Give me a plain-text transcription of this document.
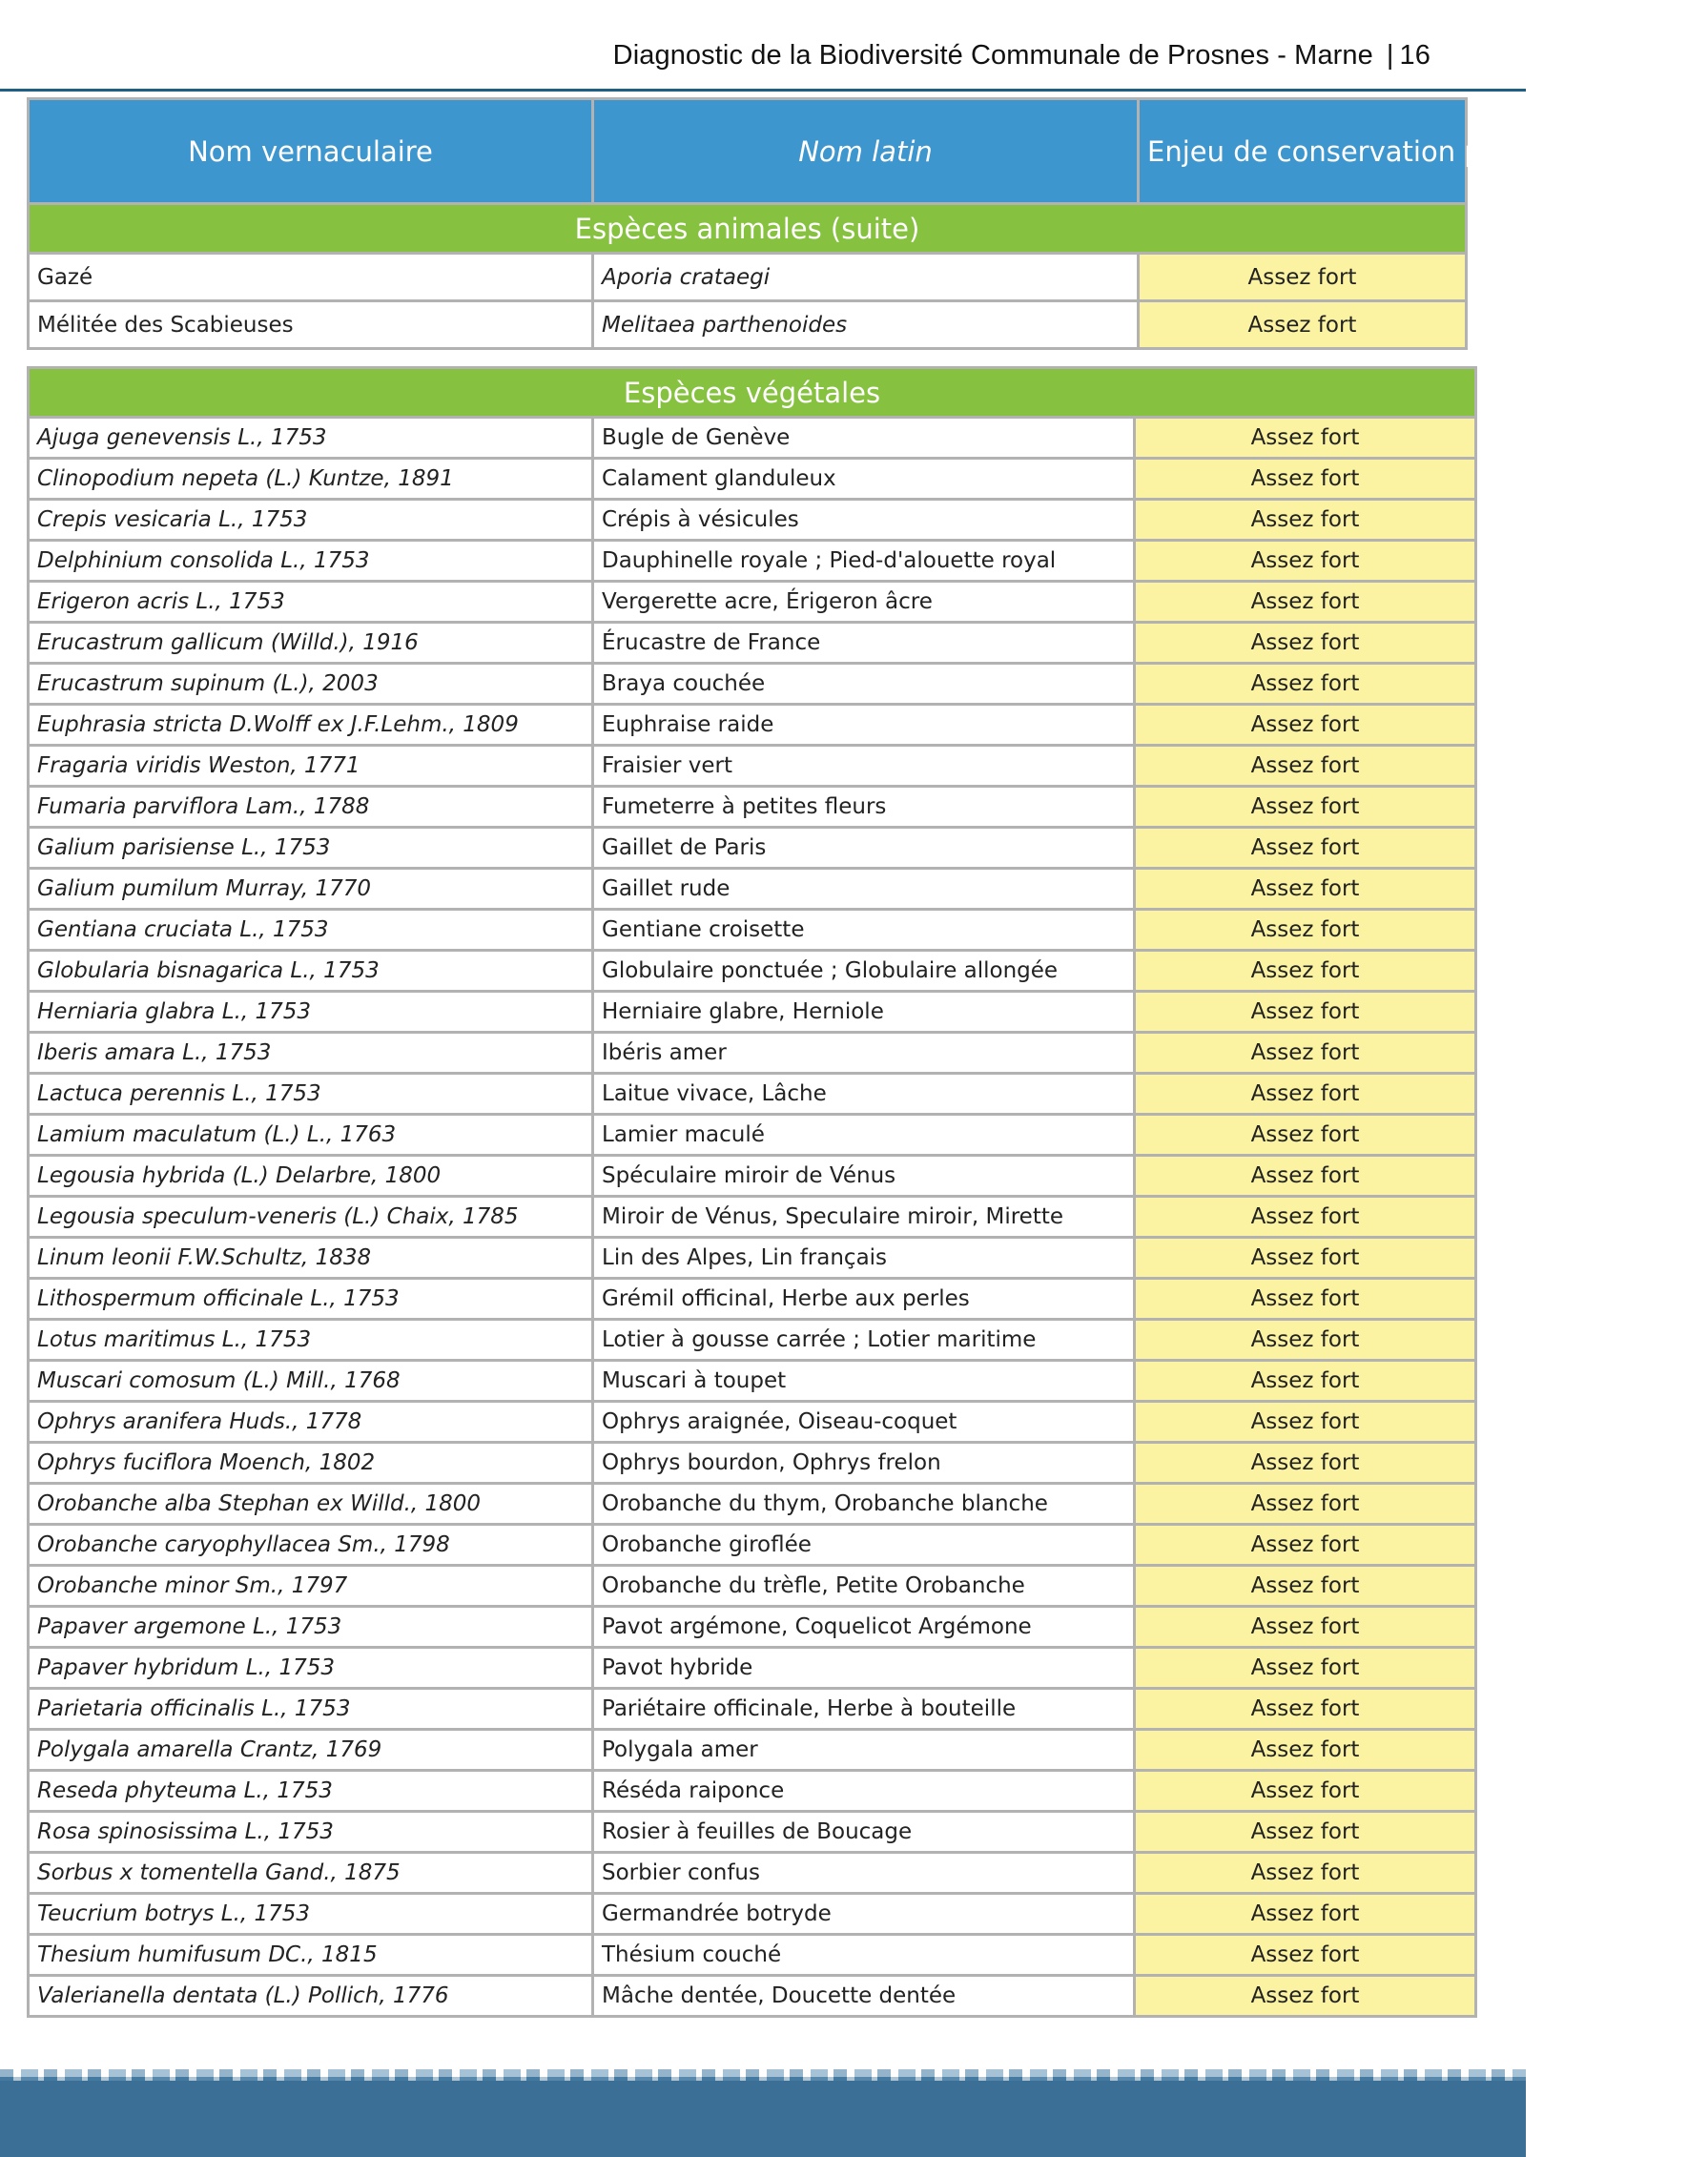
Diagnostic de la Biodiversité Communale de Prosnes - Marne | 16
Nom vernaculaire	Nom latin	Enjeu de conservation pour la commune
Espèces animales (suite)		
Gazé	Aporia crataegi	Assez fort
Mélitée des Scabieuses	Melitaea parthenoides	Assez fort
Espèces végétales		
Ajuga genevensis L., 1753	Bugle de Genève	Assez fort
Clinopodium nepeta (L.) Kuntze, 1891	Calament glanduleux	Assez fort
Crepis vesicaria L., 1753	Crépis à vésicules	Assez fort
Delphinium consolida L., 1753	Dauphinelle royale ; Pied-d'alouette royal	Assez fort
Erigeron acris L., 1753	Vergerette acre, Érigeron âcre	Assez fort
Erucastrum gallicum (Willd.), 1916	Érucastre de France	Assez fort
Erucastrum supinum (L.), 2003	Braya couchée	Assez fort
Euphrasia stricta D.Wolff ex J.F.Lehm., 1809	Euphraise raide	Assez fort
Fragaria viridis Weston, 1771	Fraisier vert	Assez fort
Fumaria parviflora Lam., 1788	Fumeterre à petites fleurs	Assez fort
Galium parisiense L., 1753	Gaillet de Paris	Assez fort
Galium pumilum Murray, 1770	Gaillet rude	Assez fort
Gentiana cruciata L., 1753	Gentiane croisette	Assez fort
Globularia bisnagarica L., 1753	Globulaire ponctuée ; Globulaire allongée	Assez fort
Herniaria glabra L., 1753	Herniaire glabre, Herniole	Assez fort
Iberis amara L., 1753	Ibéris amer	Assez fort
Lactuca perennis L., 1753	Laitue vivace, Lâche	Assez fort
Lamium maculatum (L.) L., 1763	Lamier maculé	Assez fort
Legousia hybrida (L.) Delarbre, 1800	Spéculaire miroir de Vénus	Assez fort
Legousia speculum-veneris (L.) Chaix, 1785	Miroir de Vénus, Speculaire miroir, Mirette	Assez fort
Linum leonii F.W.Schultz, 1838	Lin des Alpes, Lin français	Assez fort
Lithospermum officinale L., 1753	Grémil officinal, Herbe aux perles	Assez fort
Lotus maritimus L., 1753	Lotier à gousse carrée ; Lotier maritime	Assez fort
Muscari comosum (L.) Mill., 1768	Muscari à toupet	Assez fort
Ophrys aranifera Huds., 1778	Ophrys araignée, Oiseau-coquet	Assez fort
Ophrys fuciflora Moench, 1802	Ophrys bourdon, Ophrys frelon	Assez fort
Orobanche alba Stephan ex Willd., 1800	Orobanche du thym, Orobanche blanche	Assez fort
Orobanche caryophyllacea Sm., 1798	Orobanche giroflée	Assez fort
Orobanche minor Sm., 1797	Orobanche du trèfle, Petite Orobanche	Assez fort
Papaver argemone L., 1753	Pavot argémone, Coquelicot Argémone	Assez fort
Papaver hybridum L., 1753	Pavot hybride	Assez fort
Parietaria officinalis L., 1753	Pariétaire officinale, Herbe à bouteille	Assez fort
Polygala amarella Crantz, 1769	Polygala amer	Assez fort
Reseda phyteuma L., 1753	Réséda raiponce	Assez fort
Rosa spinosissima L., 1753	Rosier à feuilles de Boucage	Assez fort
Sorbus x tomentella Gand., 1875	Sorbier confus	Assez fort
Teucrium botrys L., 1753	Germandrée botryde	Assez fort
Thesium humifusum DC., 1815	Thésium couché	Assez fort
Valerianella dentata (L.) Pollich, 1776	Mâche dentée, Doucette dentée	Assez fort
